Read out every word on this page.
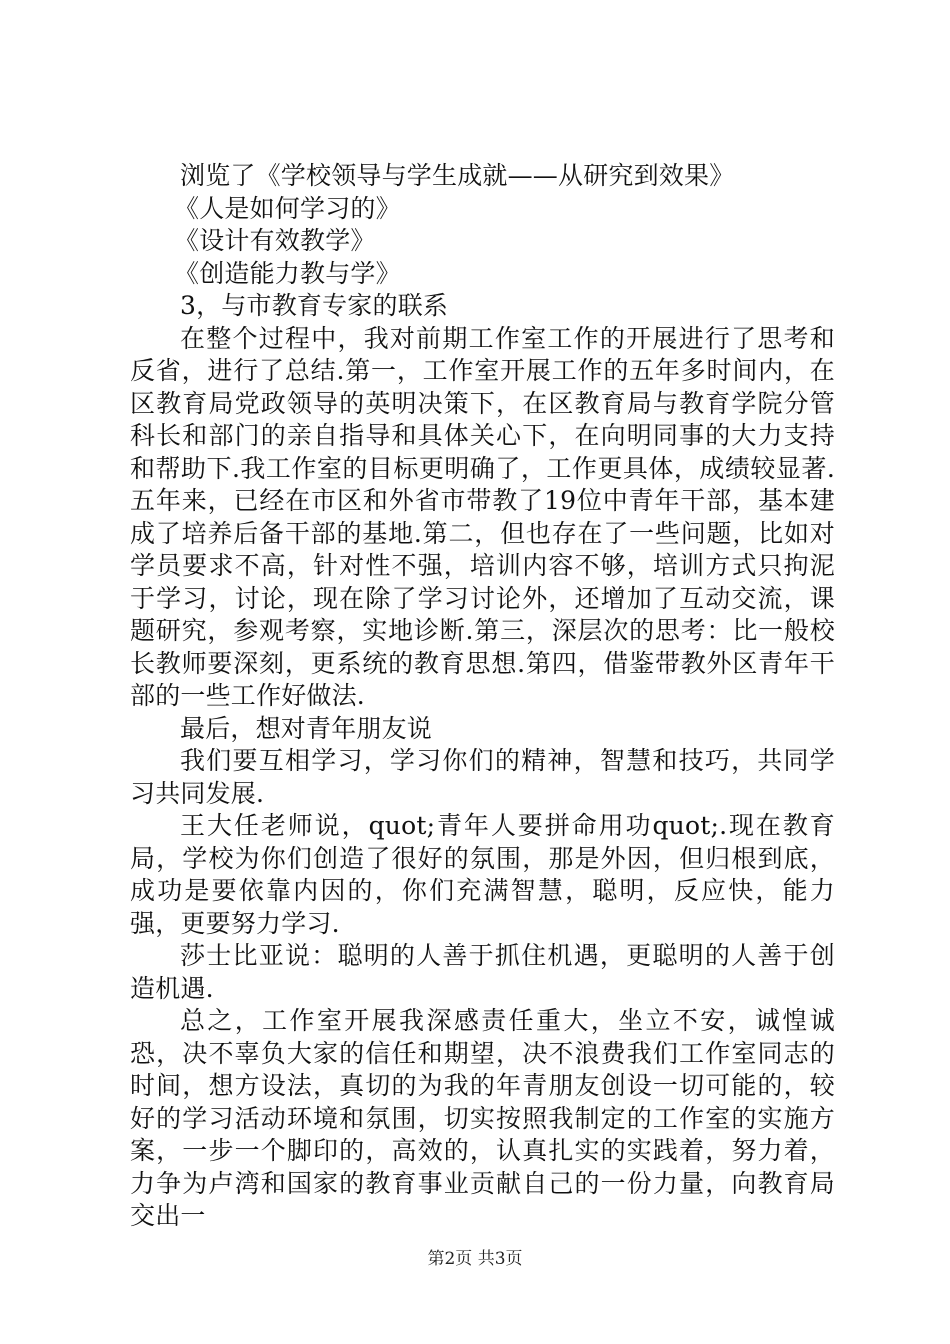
浏览了《学校领导与学生成就——从研究到效果》

《人是如何学习的》

《设计有效教学》

《创造能力教与学》

3，与市教育专家的联系

在整个过程中，我对前期工作室工作的开展进行了思考和反省，进行了总结.第一，工作室开展工作的五年多时间内，在区教育局党政领导的英明决策下，在区教育局与教育学院分管科长和部门的亲自指导和具体关心下，在向明同事的大力支持和帮助下.我工作室的目标更明确了，工作更具体，成绩较显著.五年来，已经在市区和外省市带教了19位中青年干部，基本建成了培养后备干部的基地.第二，但也存在了一些问题，比如对学员要求不高，针对性不强，培训内容不够，培训方式只拘泥于学习，讨论，现在除了学习讨论外，还增加了互动交流，课题研究，参观考察，实地诊断.第三，深层次的思考：比一般校长教师要深刻，更系统的教育思想.第四，借鉴带教外区青年干部的一些工作好做法.

最后，想对青年朋友说

我们要互相学习，学习你们的精神，智慧和技巧，共同学习共同发展.

王大任老师说，quot;青年人要拼命用功quot;.现在教育局，学校为你们创造了很好的氛围，那是外因，但归根到底，成功是要依靠内因的，你们充满智慧，聪明，反应快，能力强，更要努力学习.

莎士比亚说：聪明的人善于抓住机遇，更聪明的人善于创造机遇.

总之，工作室开展我深感责任重大，坐立不安，诚惶诚恐，决不辜负大家的信任和期望，决不浪费我们工作室同志的时间，想方设法，真切的为我的年青朋友创设一切可能的，较好的学习活动环境和氛围，切实按照我制定的工作室的实施方案，一步一个脚印的，高效的，认真扎实的实践着，努力着，力争为卢湾和国家的教育事业贡献自己的一份力量，向教育局交出一

第2页 共3页
